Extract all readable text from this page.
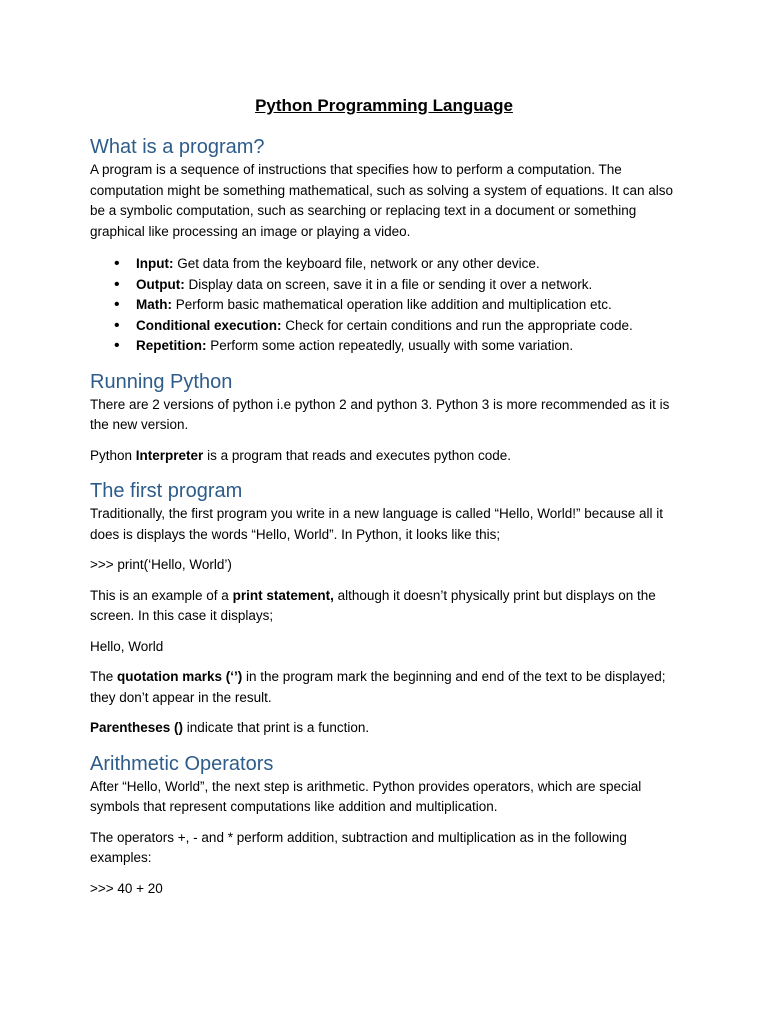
Python Programming Language
What is a program?

A program is a sequence of instructions that specifies how to perform a computation. The computation might be something mathematical, such as solving a system of equations. It can also be a symbolic computation, such as searching or replacing text in a document or something graphical like processing an image or playing a video.

• Input: Get data from the keyboard file, network or any other device.
• Output: Display data on screen, save it in a file or sending it over a network.
• Math: Perform basic mathematical operation like addition and multiplication etc.
• Conditional execution: Check for certain conditions and run the appropriate code.
• Repetition: Perform some action repeatedly, usually with some variation.
Running Python

There are 2 versions of python i.e python 2 and python 3. Python 3 is more recommended as it is the new version.

Python Interpreter is a program that reads and executes python code.

The first program

Traditionally, the first program you write in a new language is called “Hello, World!” because all it does is displays the words “Hello, World”. In Python, it looks like this;

>>> print(‘Hello, World’)

This is an example of a print statement, although it doesn’t physically print but displays on the screen. In this case it displays;

Hello, World

The quotation marks (‘’) in the program mark the beginning and end of the text to be displayed; they don’t appear in the result.

Parentheses () indicate that print is a function.

Arithmetic Operators

After “Hello, World”, the next step is arithmetic. Python provides operators, which are special symbols that represent computations like addition and multiplication.

The operators +, - and * perform addition, subtraction and multiplication as in the following examples:

>>> 40 + 20
